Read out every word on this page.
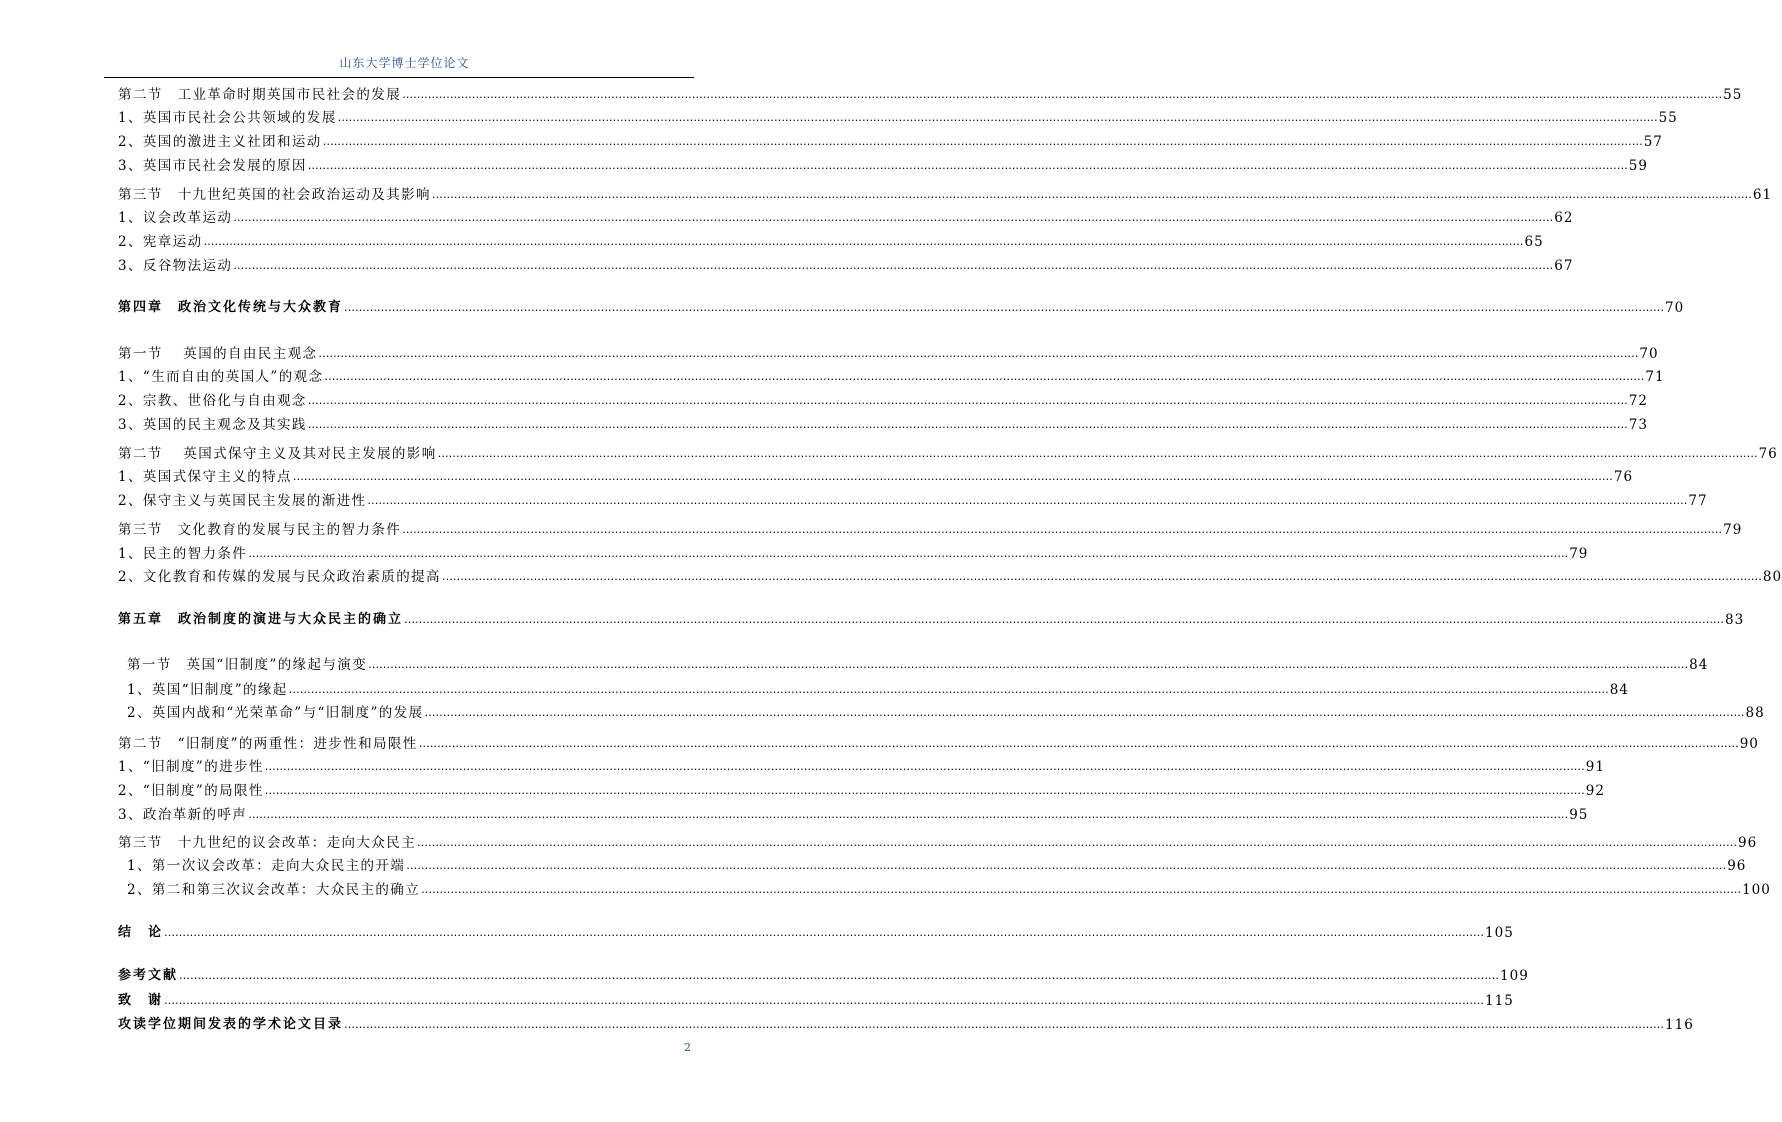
山东大学博士学位论文
第二节　工业革命时期英国市民社会的发展 ……………………………………………………………………………………………………………………………………………………………………………………………………………………………………………………………………………………………………………………………… 55
1、英国市民社会公共领域的发展 ……………………………………………………………………………………………………………………………………………………………………………………………………………………………………………………………………………………………………………………………… 55
2、英国的激进主义社团和运动 ……………………………………………………………………………………………………………………………………………………………………………………………………………………………………………………………………………………………………………………………… 57
3、英国市民社会发展的原因 ……………………………………………………………………………………………………………………………………………………………………………………………………………………………………………………………………………………………………………………………… 59
第三节　十九世纪英国的社会政治运动及其影响 ……………………………………………………………………………………………………………………………………………………………………………………………………………………………………………………………………………………………………………………………… 61
1、议会改革运动 ……………………………………………………………………………………………………………………………………………………………………………………………………………………………………………………………………………………………………………………………… 62
2、宪章运动 ……………………………………………………………………………………………………………………………………………………………………………………………………………………………………………………………………………………………………………………………… 65
3、反谷物法运动 ……………………………………………………………………………………………………………………………………………………………………………………………………………………………………………………………………………………………………………………………… 67
第四章　政治文化传统与大众教育 ……………………………………………………………………………………………………………………………………………………………………………………………………………………………………………………………………………………………………………………………… 70
第一节　 英国的自由民主观念 ……………………………………………………………………………………………………………………………………………………………………………………………………………………………………………………………………………………………………………………………… 70
1、“生而自由的英国人”的观念 ……………………………………………………………………………………………………………………………………………………………………………………………………………………………………………………………………………………………………………………………… 71
2、宗教、世俗化与自由观念 ……………………………………………………………………………………………………………………………………………………………………………………………………………………………………………………………………………………………………………………………… 72
3、英国的民主观念及其实践 ……………………………………………………………………………………………………………………………………………………………………………………………………………………………………………………………………………………………………………………………… 73
第二节　 英国式保守主义及其对民主发展的影响 ……………………………………………………………………………………………………………………………………………………………………………………………………………………………………………………………………………………………………………………………… 76
1、英国式保守主义的特点 ……………………………………………………………………………………………………………………………………………………………………………………………………………………………………………………………………………………………………………………………… 76
2、保守主义与英国民主发展的渐进性 ……………………………………………………………………………………………………………………………………………………………………………………………………………………………………………………………………………………………………………………………… 77
第三节　文化教育的发展与民主的智力条件 ……………………………………………………………………………………………………………………………………………………………………………………………………………………………………………………………………………………………………………………………… 79
1、民主的智力条件 ……………………………………………………………………………………………………………………………………………………………………………………………………………………………………………………………………………………………………………………………… 79
2、文化教育和传媒的发展与民众政治素质的提高 ……………………………………………………………………………………………………………………………………………………………………………………………………………………………………………………………………………………………………………………………… 80
第五章　政治制度的演进与大众民主的确立 ……………………………………………………………………………………………………………………………………………………………………………………………………………………………………………………………………………………………………………………………… 83
第一节　英国“旧制度”的缘起与演变 ……………………………………………………………………………………………………………………………………………………………………………………………………………………………………………………………………………………………………………………………… 84
1、英国“旧制度”的缘起 ……………………………………………………………………………………………………………………………………………………………………………………………………………………………………………………………………………………………………………………………… 84
2、英国内战和“光荣革命”与“旧制度”的发展 ……………………………………………………………………………………………………………………………………………………………………………………………………………………………………………………………………………………………………………………………… 88
第二节　“旧制度”的两重性：进步性和局限性 ……………………………………………………………………………………………………………………………………………………………………………………………………………………………………………………………………………………………………………………………… 90
1、“旧制度”的进步性 ……………………………………………………………………………………………………………………………………………………………………………………………………………………………………………………………………………………………………………………………… 91
2、“旧制度”的局限性 ……………………………………………………………………………………………………………………………………………………………………………………………………………………………………………………………………………………………………………………………… 92
3、政治革新的呼声 ……………………………………………………………………………………………………………………………………………………………………………………………………………………………………………………………………………………………………………………………… 95
第三节　十九世纪的议会改革：走向大众民主 ……………………………………………………………………………………………………………………………………………………………………………………………………………………………………………………………………………………………………………………………… 96
1、第一次议会改革：走向大众民主的开端 ……………………………………………………………………………………………………………………………………………………………………………………………………………………………………………………………………………………………………………………………… 96
2、第二和第三次议会改革：大众民主的确立 ……………………………………………………………………………………………………………………………………………………………………………………………………………………………………………………………………………………………………………………………… 100
结　论 ……………………………………………………………………………………………………………………………………………………………………………………………………………………………………………………………………………………………………………………………… 105
参考文献 ……………………………………………………………………………………………………………………………………………………………………………………………………………………………………………………………………………………………………………………………… 109
致　谢 ……………………………………………………………………………………………………………………………………………………………………………………………………………………………………………………………………………………………………………………………… 115
攻读学位期间发表的学术论文目录 ……………………………………………………………………………………………………………………………………………………………………………………………………………………………………………………………………………………………………………………………… 116
2
